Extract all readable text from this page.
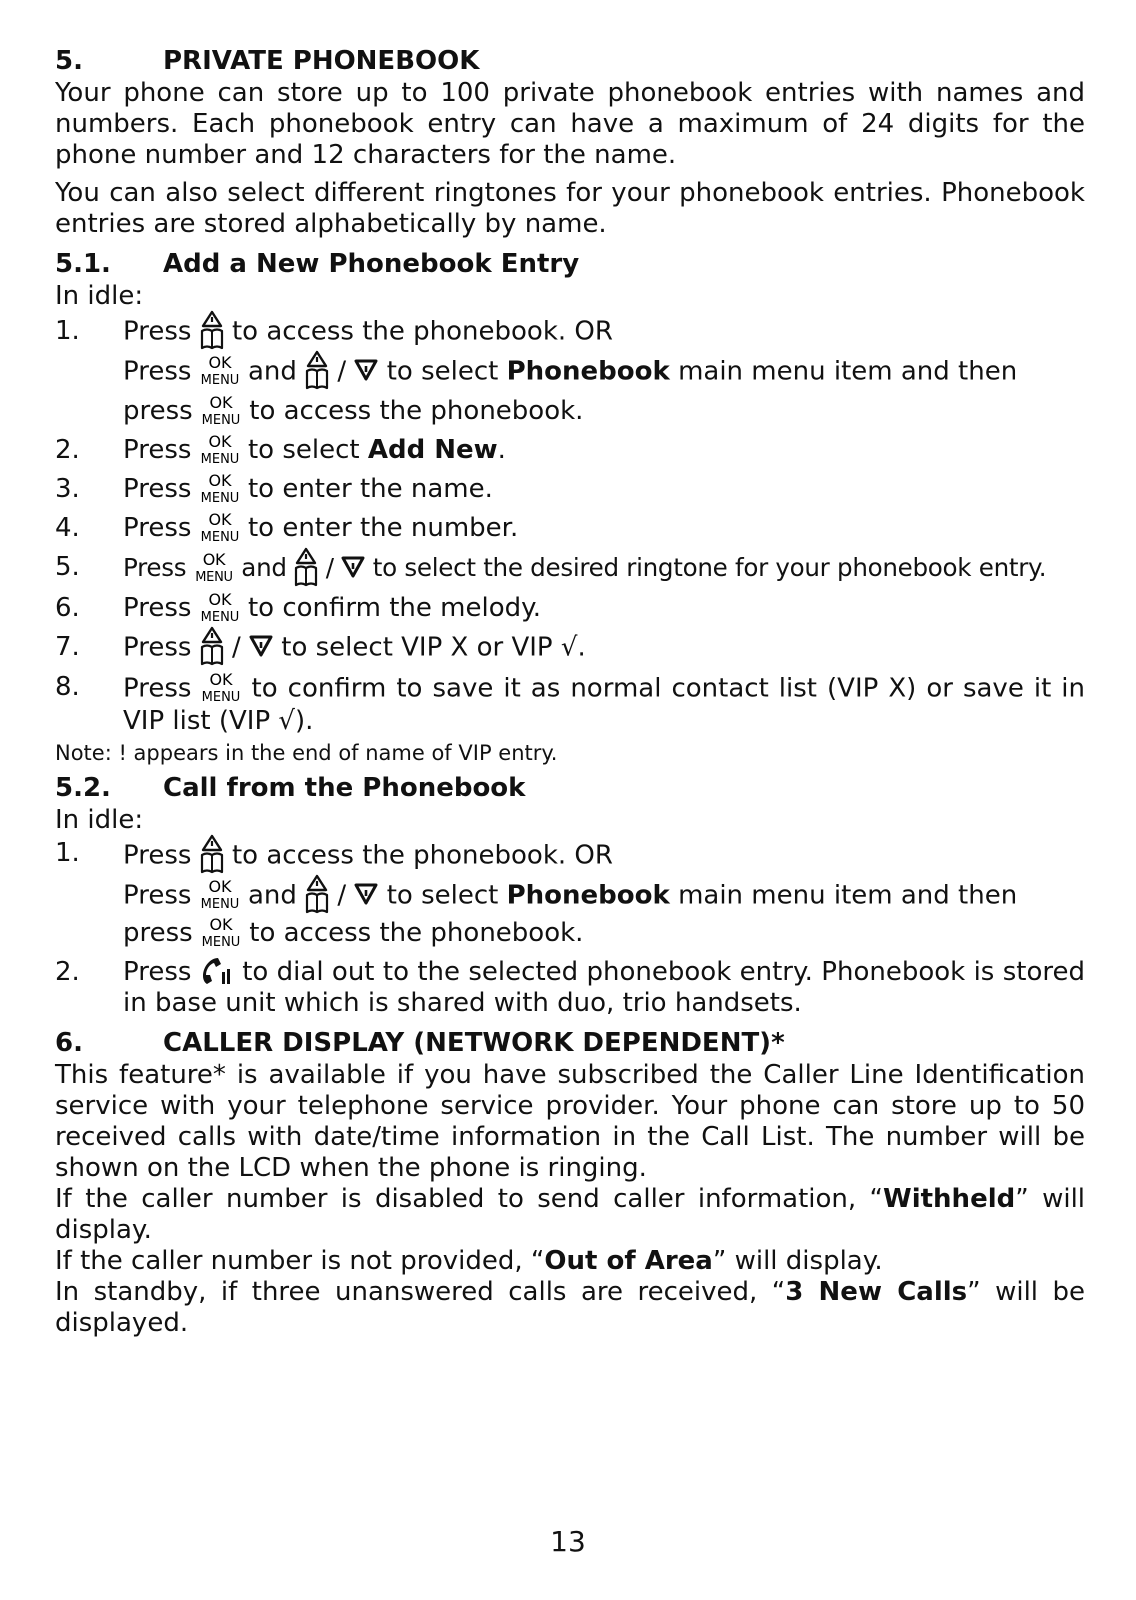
5.	PRIVATE PHONEBOOK

Your phone can store up to 100 private phonebook entries with names and numbers. Each phonebook entry can have a maximum of 24 digits for the phone number and 12 characters for the name.

You can also select different ringtones for your phonebook entries. Phonebook entries are stored alphabetically by name.

5.1.	Add a New Phonebook Entry

In idle:

1.	Press to access the phonebook. OR
Press OK
MENU and / to select Phonebook main menu item and then
press OK
MENU to access the phonebook.
2.	Press OK
MENU to select Add New.
3.	Press OK
MENU to enter the name.
4.	Press OK
MENU to enter the number.
5.	Press OK
MENU and / to select the desired ringtone for your phonebook entry.
6.	Press OK
MENU to confirm the melody.
7.	Press / to select VIP X or VIP √.
8.	Press OK
MENU to confirm to save it as normal contact list (VIP X) or save it in VIP list (VIP √).
Note: ! appears in the end of name of VIP entry.
5.2.	Call from the Phonebook

In idle:

1.	Press to access the phonebook. OR
Press OK
MENU and / to select Phonebook main menu item and then
press OK
MENU to access the phonebook.
2.	Press to dial out to the selected phonebook entry. Phonebook is stored in base unit which is shared with duo, trio handsets.
6.	CALLER DISPLAY (NETWORK DEPENDENT)*

This feature* is available if you have subscribed the Caller Line Identification service with your telephone service provider. Your phone can store up to 50 received calls with date/time information in the Call List. The number will be shown on the LCD when the phone is ringing.

If the caller number is disabled to send caller information, “Withheld” will display.

If the caller number is not provided, “Out of Area” will display.

In standby, if three unanswered calls are received, “3 New Calls” will be displayed.

13
